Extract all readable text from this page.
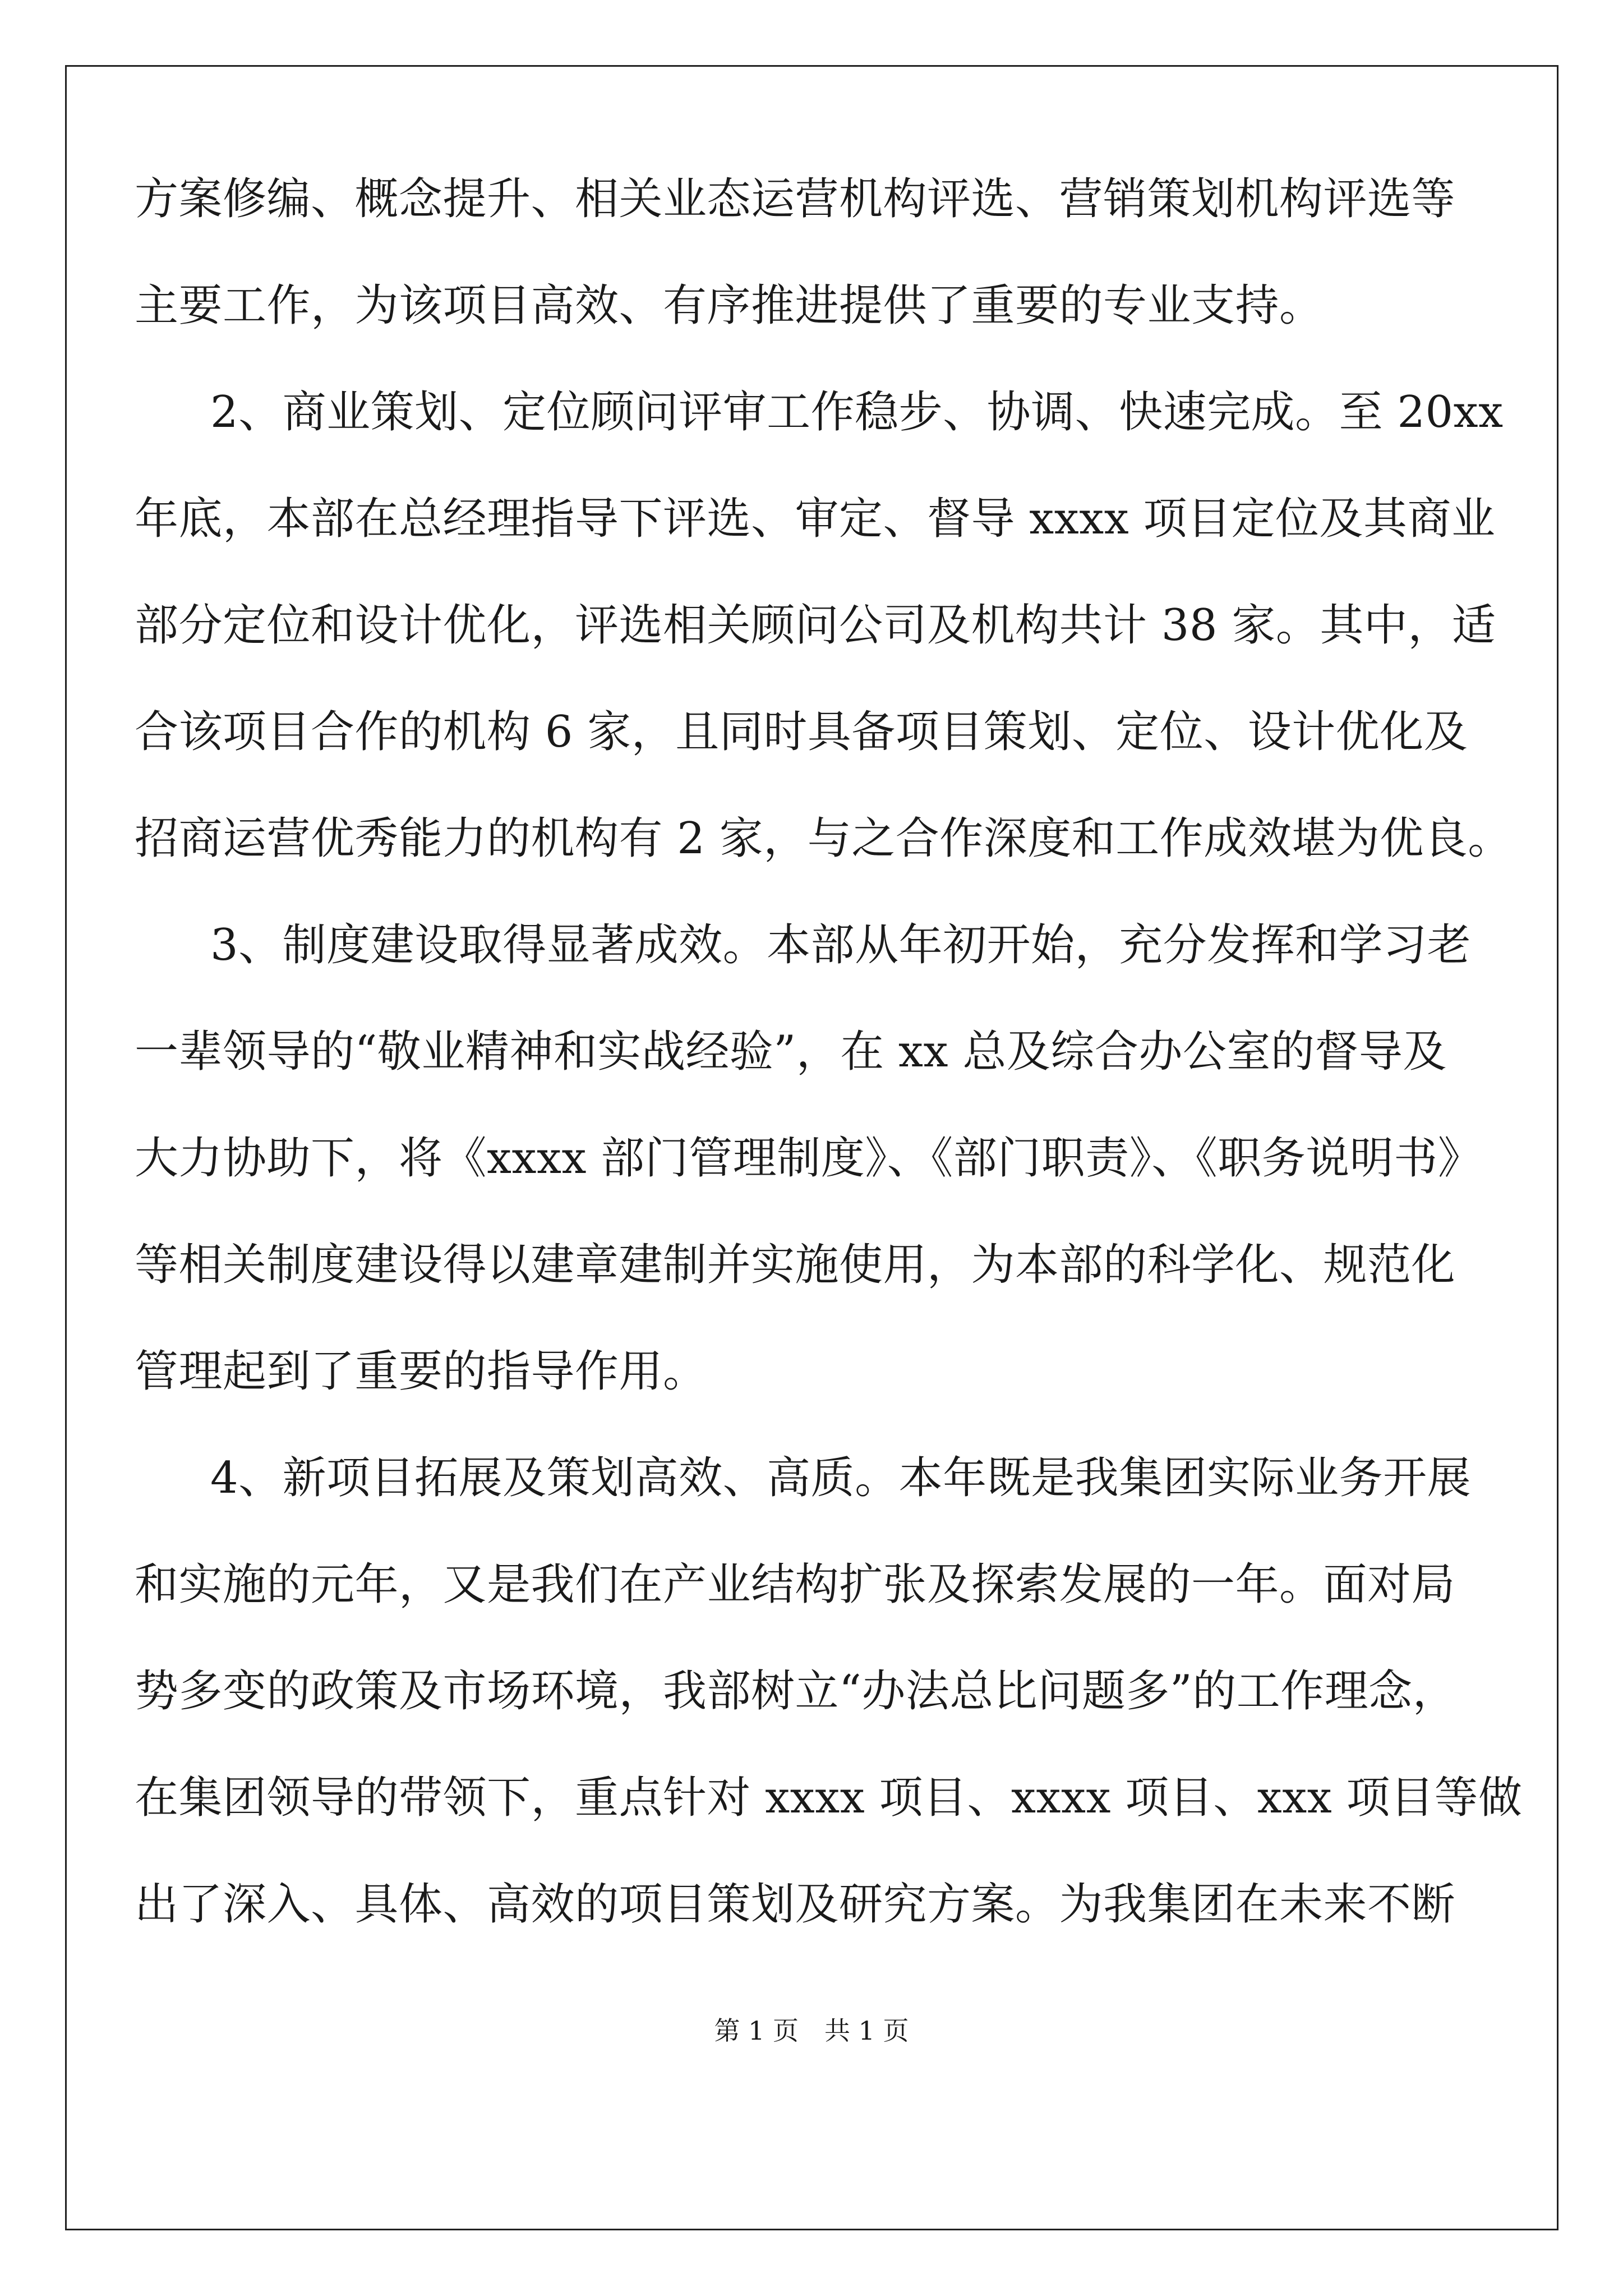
方案修编、概念提升、相关业态运营机构评选、营销策划机构评选等
主要工作，为该项目高效、有序推进提供了重要的专业支持。
2、商业策划、定位顾问评审工作稳步、协调、快速完成。至 20xx
年底，本部在总经理指导下评选、审定、督导 xxxx 项目定位及其商业
部分定位和设计优化，评选相关顾问公司及机构共计 38 家。其中，适
合该项目合作的机构 6 家，且同时具备项目策划、定位、设计优化及
招商运营优秀能力的机构有 2 家，与之合作深度和工作成效堪为优良。
3、制度建设取得显著成效。本部从年初开始，充分发挥和学习老
一辈领导的“敬业精神和实战经验”，在 xx 总及综合办公室的督导及
大力协助下，将《xxxx 部门管理制度》、《部门职责》、《职务说明书》
等相关制度建设得以建章建制并实施使用，为本部的科学化、规范化
管理起到了重要的指导作用。
4、新项目拓展及策划高效、高质。本年既是我集团实际业务开展
和实施的元年，又是我们在产业结构扩张及探索发展的一年。面对局
势多变的政策及市场环境，我部树立“办法总比问题多”的工作理念，
在集团领导的带领下，重点针对 xxxx 项目、xxxx 项目、xxx 项目等做
出了深入、具体、高效的项目策划及研究方案。为我集团在未来不断
第 1 页　共 1 页
